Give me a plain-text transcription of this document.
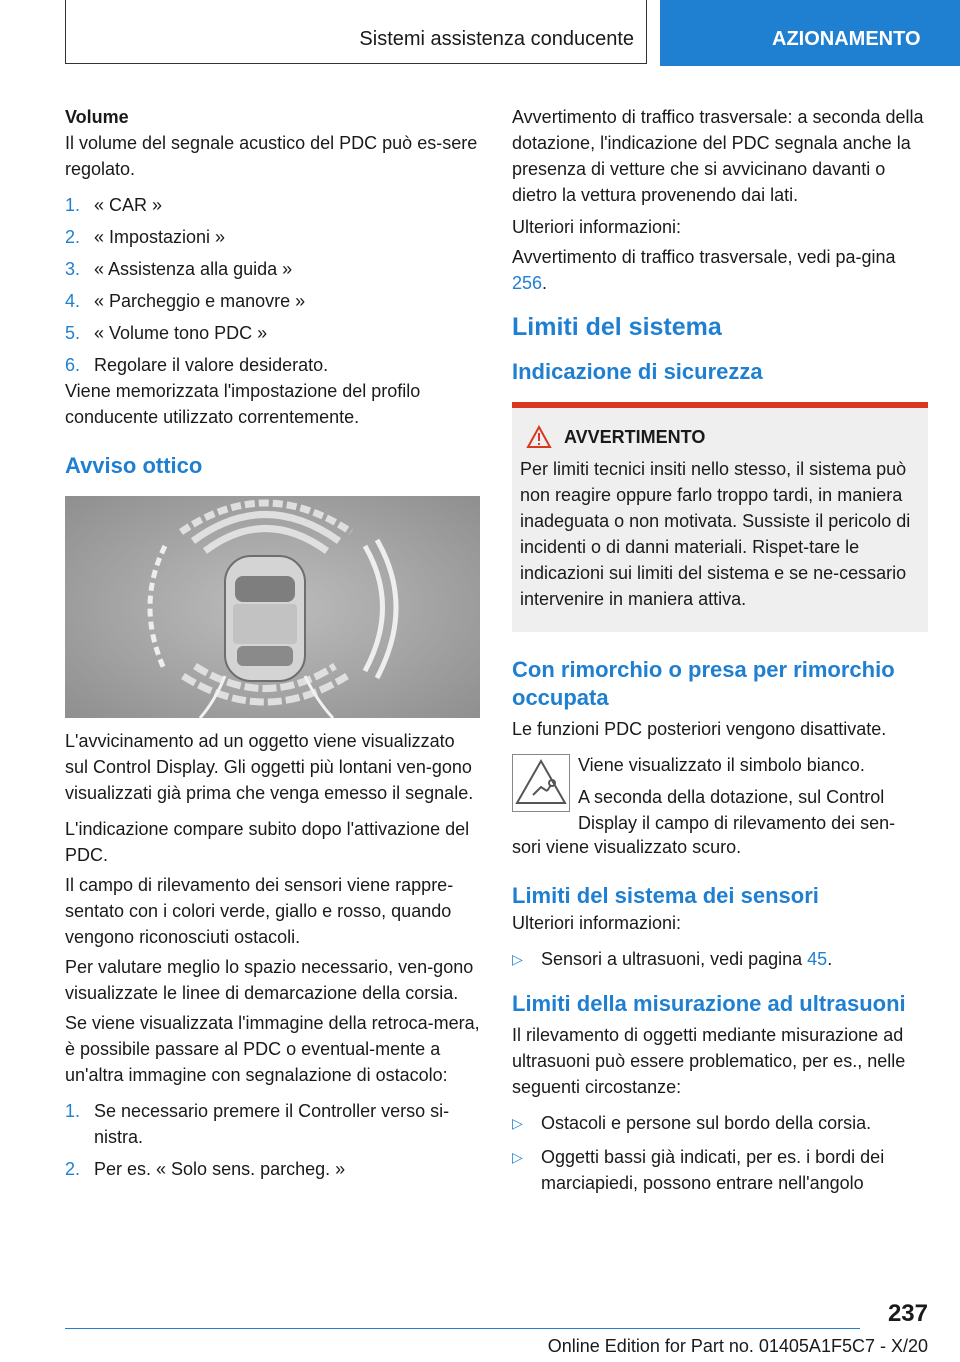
Sistemi assistenza conducente	AZIONAMENTO

Volume

Il volume del segnale acustico del PDC può es-sere regolato.

1. « CAR »
2. « Impostazioni »
3. « Assistenza alla guida »
4. « Parcheggio e manovre »
5. « Volume tono PDC »
6. Regolare il valore desiderato.

Viene memorizzata l'impostazione del profilo conducente utilizzato correntemente.

Avviso ottico

L'avvicinamento ad un oggetto viene visualizzato sul Control Display. Gli oggetti più lontani ven-gono visualizzati già prima che venga emesso il segnale.

L'indicazione compare subito dopo l'attivazione del PDC.

Il campo di rilevamento dei sensori viene rappre-sentato con i colori verde, giallo e rosso, quando vengono riconosciuti ostacoli.

Per valutare meglio lo spazio necessario, ven-gono visualizzate le linee di demarcazione della corsia.

Se viene visualizzata l'immagine della retroca-mera, è possibile passare al PDC o eventual-mente a un'altra immagine con segnalazione di ostacolo:

1. Se necessario premere il Controller verso si-nistra.
2. Per es. « Solo sens. parcheg. »

Avvertimento di traffico trasversale: a seconda della dotazione, l'indicazione del PDC segnala anche la presenza di vetture che si avvicinano davanti o dietro la vettura provenendo dai lati.

Ulteriori informazioni:

Avvertimento di traffico trasversale, vedi pa-gina 256.

Limiti del sistema

Indicazione di sicurezza

AVVERTIMENTO

Per limiti tecnici insiti nello stesso, il sistema può non reagire oppure farlo troppo tardi, in maniera inadeguata o non motivata. Sussiste il pericolo di incidenti o di danni materiali. Rispet-tare le indicazioni sui limiti del sistema e se ne-cessario intervenire in maniera attiva.

Con rimorchio o presa per rimorchio occupata

Le funzioni PDC posteriori vengono disattivate.

Viene visualizzato il simbolo bianco.

A seconda della dotazione, sul Control Display il campo di rilevamento dei sen-

sori viene visualizzato scuro.

Limiti del sistema dei sensori

Ulteriori informazioni:

▷ Sensori a ultrasuoni, vedi pagina 45.

Limiti della misurazione ad ultrasuoni

Il rilevamento di oggetti mediante misurazione ad ultrasuoni può essere problematico, per es., nelle seguenti circostanze:

▷ Ostacoli e persone sul bordo della corsia.
▷ Oggetti bassi già indicati, per es. i bordi dei marciapiedi, possono entrare nell'angolo
237
Online Edition for Part no. 01405A1F5C7 - X/20
